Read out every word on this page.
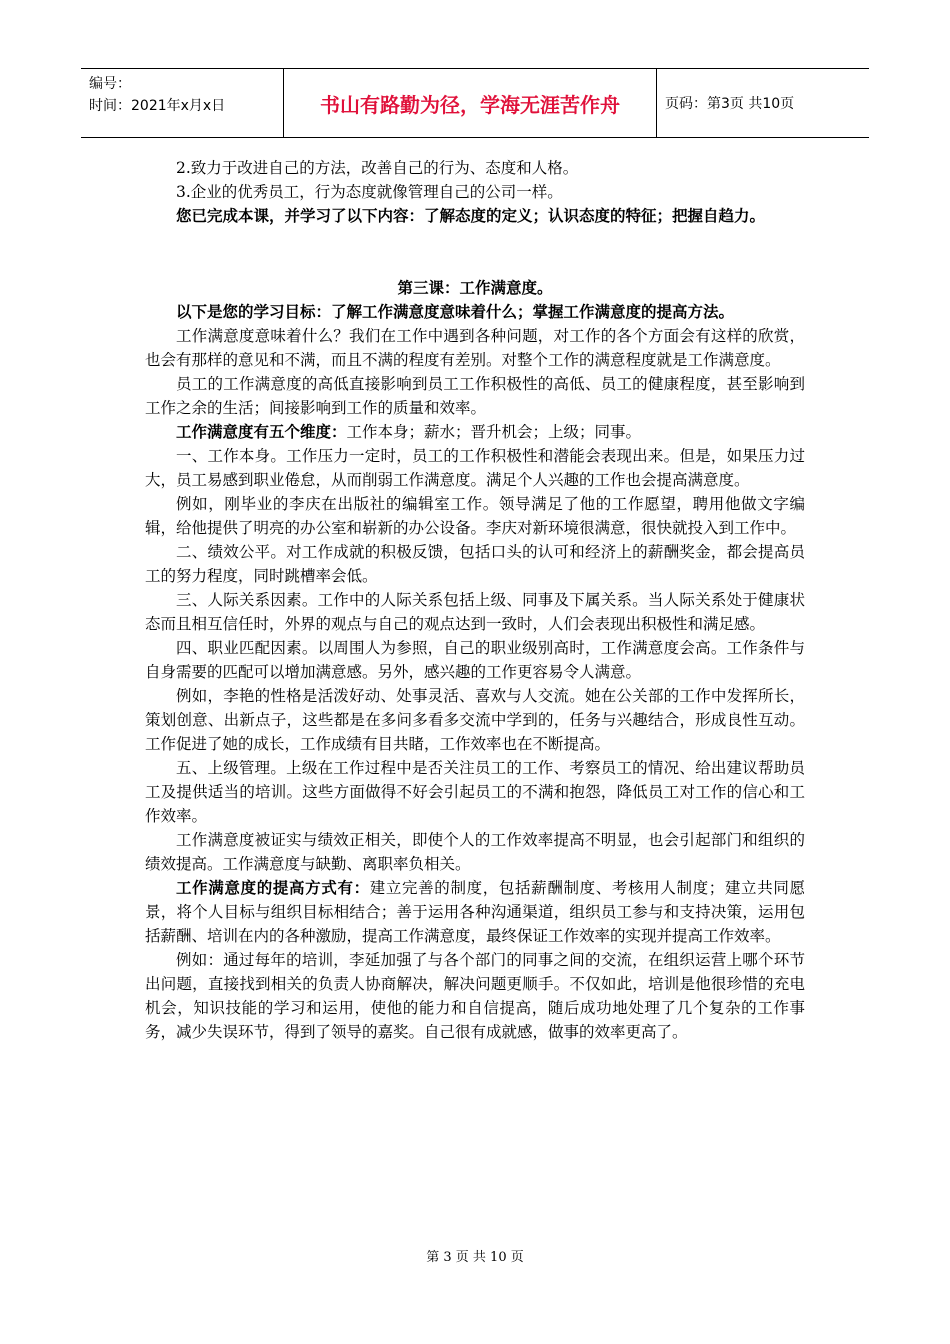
编号：
时间：2021年x月x日	书山有路勤为径，学海无涯苦作舟	页码：第3页 共10页

2.致力于改进自己的方法，改善自己的行为、态度和人格。

3.企业的优秀员工，行为态度就像管理自己的公司一样。

您已完成本课，并学习了以下内容：了解态度的定义；认识态度的特征；把握自趋力。

第三课：工作满意度。

以下是您的学习目标：了解工作满意度意味着什么；掌握工作满意度的提高方法。

工作满意度意味着什么？我们在工作中遇到各种问题，对工作的各个方面会有这样的欣赏，也会有那样的意见和不满，而且不满的程度有差别。对整个工作的满意程度就是工作满意度。

员工的工作满意度的高低直接影响到员工工作积极性的高低、员工的健康程度，甚至影响到工作之余的生活；间接影响到工作的质量和效率。

工作满意度有五个维度：工作本身；薪水；晋升机会；上级；同事。

一、工作本身。工作压力一定时，员工的工作积极性和潜能会表现出来。但是，如果压力过大，员工易感到职业倦怠，从而削弱工作满意度。满足个人兴趣的工作也会提高满意度。

例如，刚毕业的李庆在出版社的编辑室工作。领导满足了他的工作愿望，聘用他做文字编辑，给他提供了明亮的办公室和崭新的办公设备。李庆对新环境很满意，很快就投入到工作中。

二、绩效公平。对工作成就的积极反馈，包括口头的认可和经济上的薪酬奖金，都会提高员工的努力程度，同时跳槽率会低。

三、人际关系因素。工作中的人际关系包括上级、同事及下属关系。当人际关系处于健康状态而且相互信任时，外界的观点与自己的观点达到一致时，人们会表现出积极性和满足感。

四、职业匹配因素。以周围人为参照，自己的职业级别高时，工作满意度会高。工作条件与自身需要的匹配可以增加满意感。另外，感兴趣的工作更容易令人满意。

例如，李艳的性格是活泼好动、处事灵活、喜欢与人交流。她在公关部的工作中发挥所长，策划创意、出新点子，这些都是在多问多看多交流中学到的，任务与兴趣结合，形成良性互动。工作促进了她的成长，工作成绩有目共睹，工作效率也在不断提高。

五、上级管理。上级在工作过程中是否关注员工的工作、考察员工的情况、给出建议帮助员工及提供适当的培训。这些方面做得不好会引起员工的不满和抱怨，降低员工对工作的信心和工作效率。

工作满意度被证实与绩效正相关，即使个人的工作效率提高不明显，也会引起部门和组织的绩效提高。工作满意度与缺勤、离职率负相关。

工作满意度的提高方式有：建立完善的制度，包括薪酬制度、考核用人制度；建立共同愿景，将个人目标与组织目标相结合；善于运用各种沟通渠道，组织员工参与和支持决策，运用包括薪酬、培训在内的各种激励，提高工作满意度，最终保证工作效率的实现并提高工作效率。

例如：通过每年的培训，李延加强了与各个部门的同事之间的交流，在组织运营上哪个环节出问题，直接找到相关的负责人协商解决，解决问题更顺手。不仅如此，培训是他很珍惜的充电机会，知识技能的学习和运用，使他的能力和自信提高，随后成功地处理了几个复杂的工作事务，减少失误环节，得到了领导的嘉奖。自己很有成就感，做事的效率更高了。

第 3 页 共 10 页
